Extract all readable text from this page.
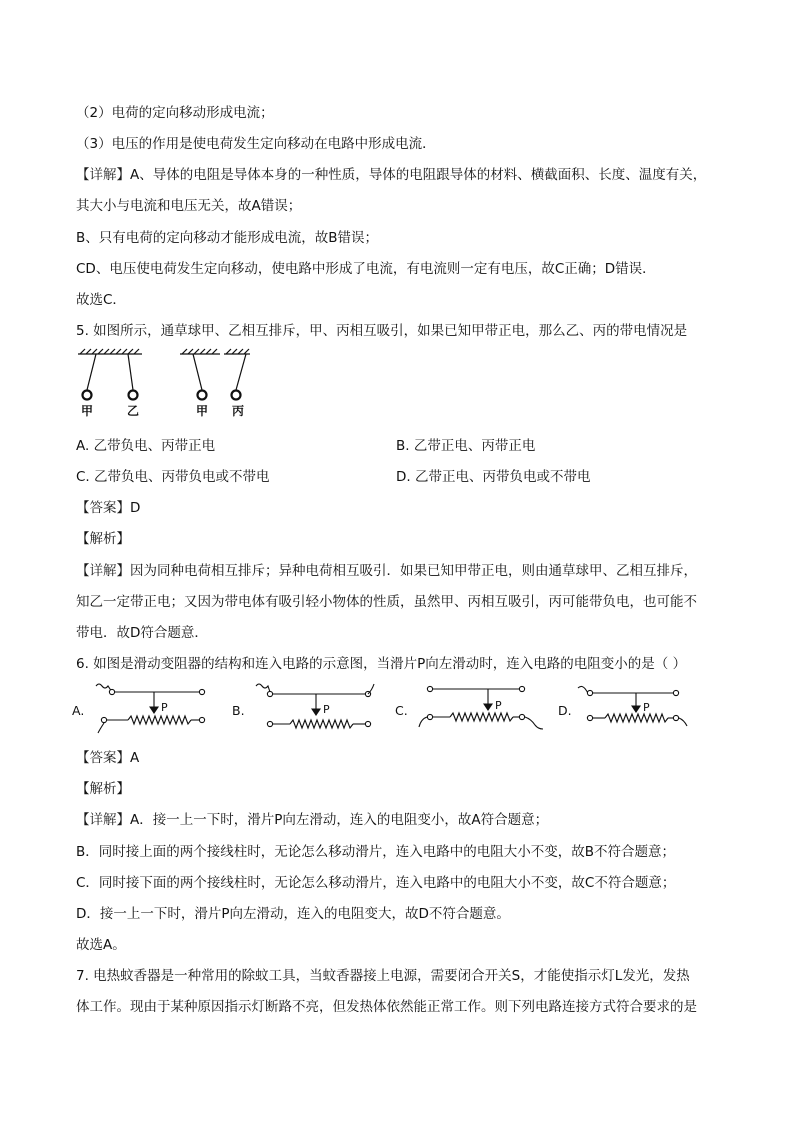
（2）电荷的定向移动形成电流；
（3）电压的作用是使电荷发生定向移动在电路中形成电流．
【详解】A、导体的电阻是导体本身的一种性质，导体的电阻跟导体的材料、横截面积、长度、温度有关，
其大小与电流和电压无关，故A错误；
B、只有电荷的定向移动才能形成电流，故B错误；
CD、电压使电荷发生定向移动，使电路中形成了电流，有电流则一定有电压，故C正确；D错误．
故选C．
5. 如图所示，通草球甲、乙相互排斥，甲、丙相互吸引，如果已知甲带正电，那么乙、丙的带电情况是
甲	乙	甲 丙
A. 乙带负电、丙带正电	B. 乙带正电、丙带正电
C. 乙带负电、丙带负电或不带电	D. 乙带正电、丙带负电或不带电
【答案】D
【解析】
【详解】因为同种电荷相互排斥；异种电荷相互吸引．如果已知甲带正电，则由通草球甲、乙相互排斥，
知乙一定带正电；又因为带电体有吸引轻小物体的性质，虽然甲、丙相互吸引，丙可能带负电，也可能不
带电．故D符合题意．
6. 如图是滑动变阻器的结构和连入电路的示意图，当滑片P向左滑动时，连入电路的电阻变小的是（ ）
A.	P	B.	P	C.	P	D.	P
【答案】A
【解析】
【详解】A．接一上一下时，滑片P向左滑动，连入的电阻变小，故A符合题意；
B．同时接上面的两个接线柱时，无论怎么移动滑片，连入电路中的电阻大小不变，故B不符合题意；
C．同时接下面的两个接线柱时，无论怎么移动滑片，连入电路中的电阻大小不变，故C不符合题意；
D．接一上一下时，滑片P向左滑动，连入的电阻变大，故D不符合题意。
故选A。
7. 电热蚊香器是一种常用的除蚊工具，当蚊香器接上电源，需要闭合开关S，才能使指示灯L发光，发热
体工作。现由于某种原因指示灯断路不亮，但发热体依然能正常工作。则下列电路连接方式符合要求的是
